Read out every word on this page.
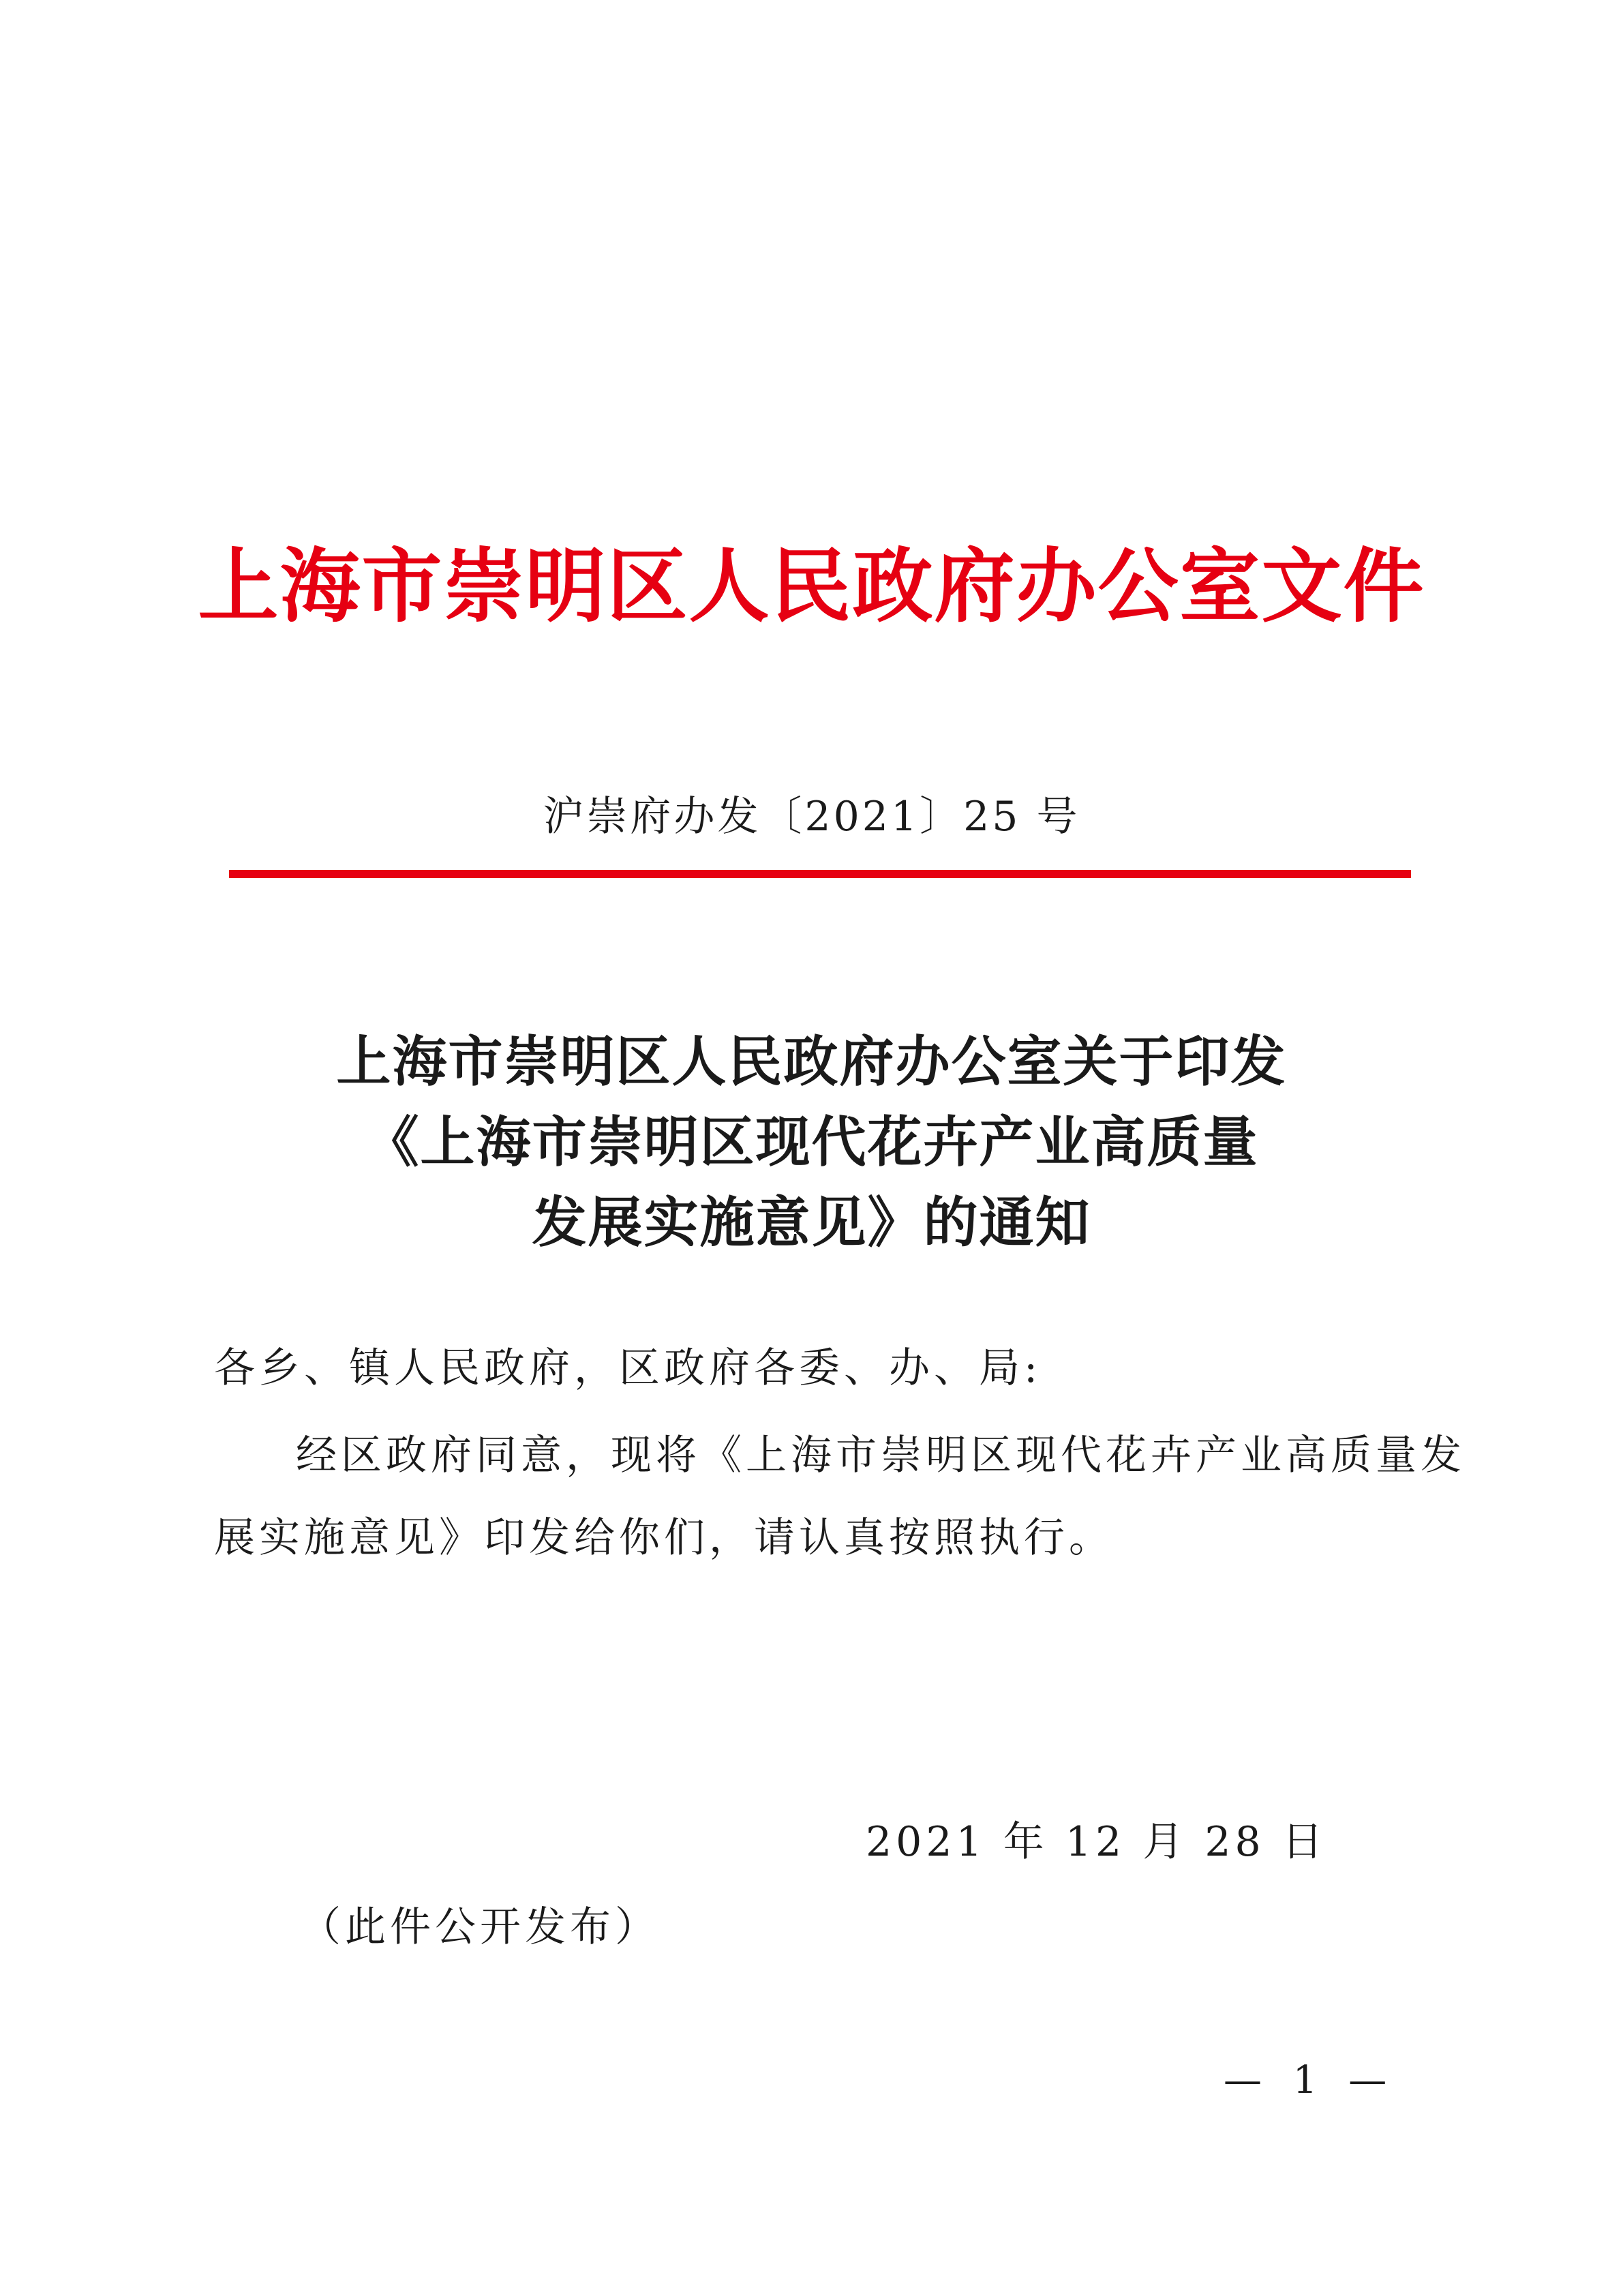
上海市崇明区人民政府办公室文件
沪崇府办发〔2021〕25 号
上海市崇明区人民政府办公室关于印发
《上海市崇明区现代花卉产业高质量
发展实施意见》的通知
各乡、镇人民政府，区政府各委、办、局:
经区政府同意，现将《上海市崇明区现代花卉产业高质量发
展实施意见》印发给你们，请认真按照执行。
2021 年 12 月 28 日
（此件公开发布）
— 1 —
